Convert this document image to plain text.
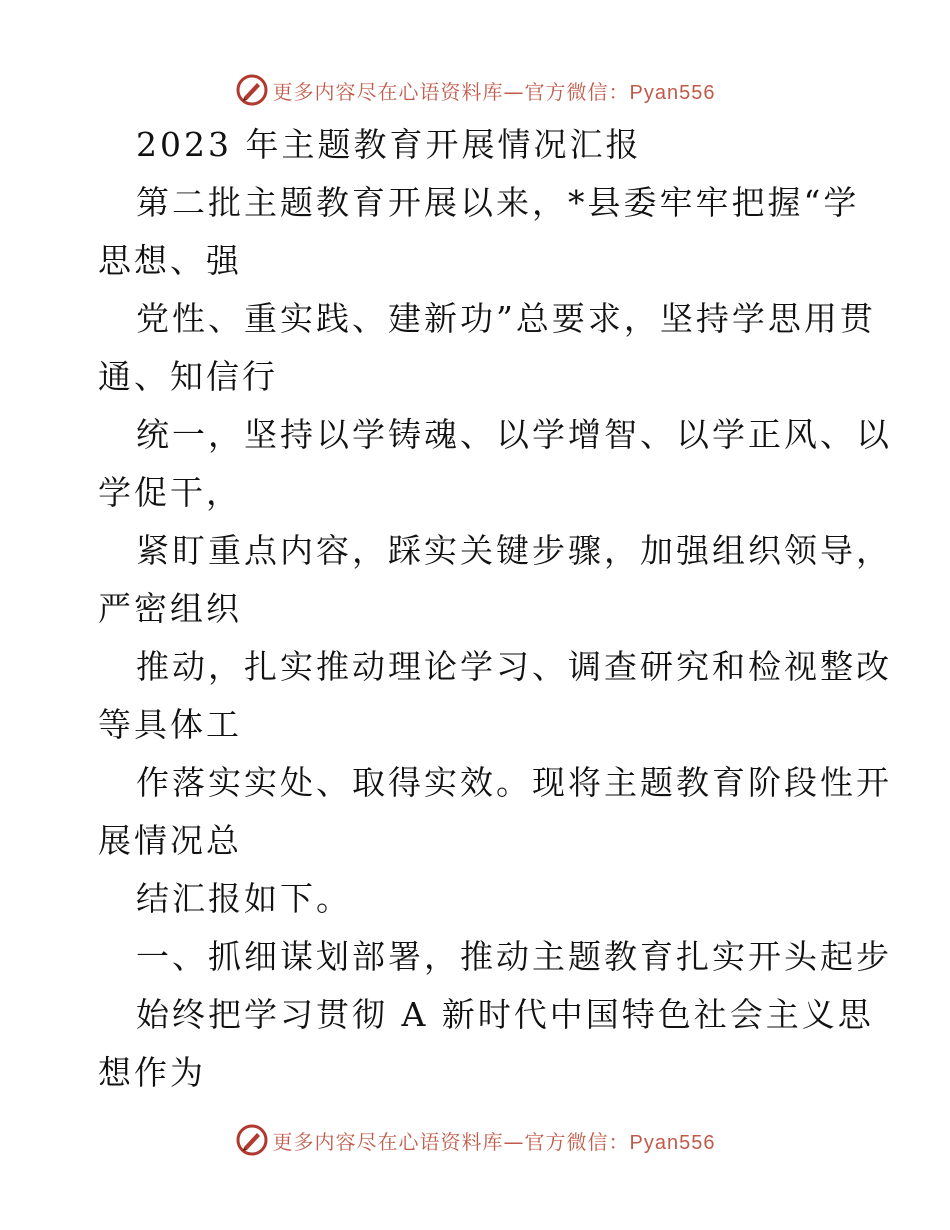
更多内容尽在心语资料库—官方微信：Pyan556
2023 年主题教育开展情况汇报
第二批主题教育开展以来，*县委牢牢把握“学
思想、强
党性、重实践、建新功”总要求，坚持学思用贯
通、知信行
统一，坚持以学铸魂、以学增智、以学正风、以
学促干，
紧盯重点内容，踩实关键步骤，加强组织领导，
严密组织
推动，扎实推动理论学习、调查研究和检视整改
等具体工
作落实实处、取得实效。现将主题教育阶段性开
展情况总
结汇报如下。
一、抓细谋划部署，推动主题教育扎实开头起步
始终把学习贯彻 A 新时代中国特色社会主义思
想作为
更多内容尽在心语资料库—官方微信：Pyan556
